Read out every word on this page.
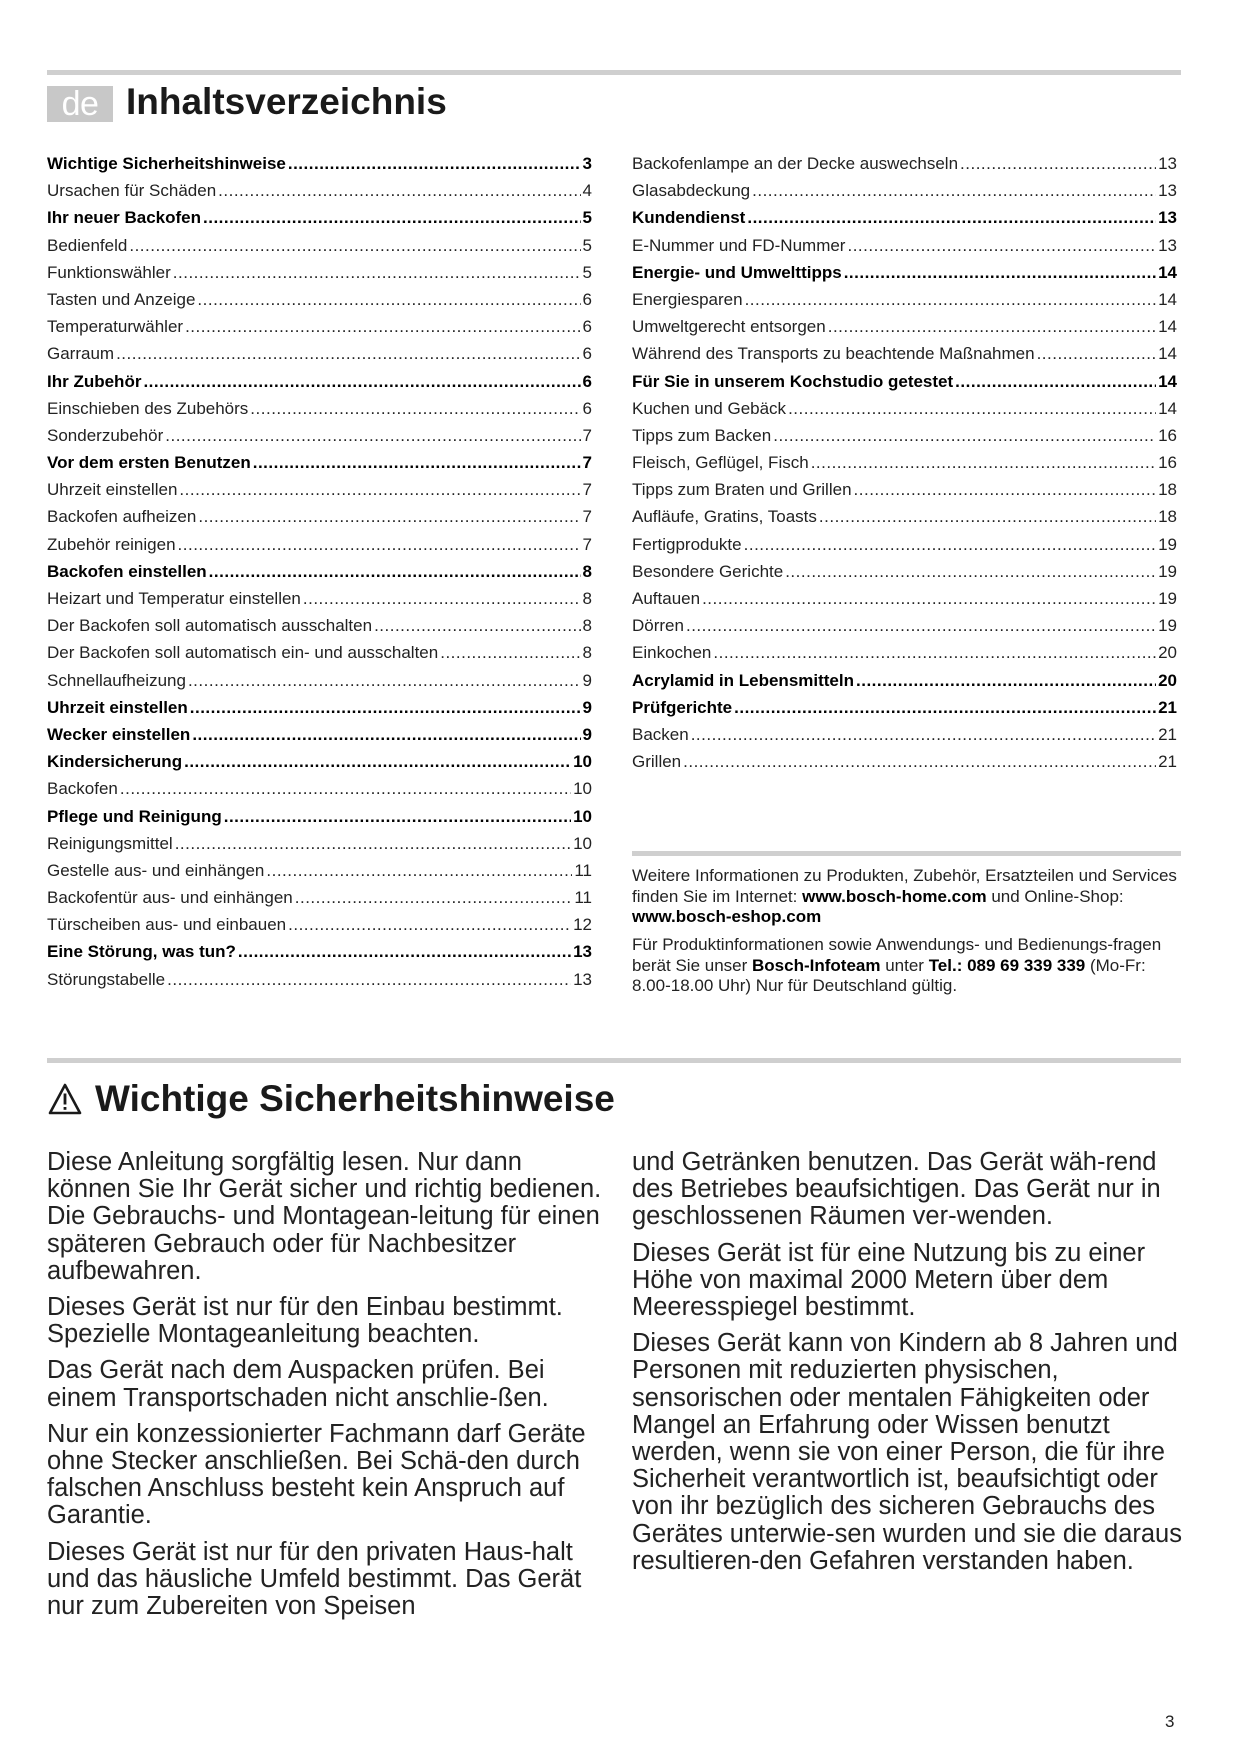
de Inhaltsverzeichnis
Wichtige Sicherheitshinweise .....	3
Ursachen für Schäden .....	4
Ihr neuer Backofen .....	5
Bedienfeld .....	5
Funktionswähler .....	5
Tasten und Anzeige .....	6
Temperaturwähler .....	6
Garraum .....	6
Ihr Zubehör .....	6
Einschieben des Zubehörs .....	6
Sonderzubehör .....	7
Vor dem ersten Benutzen .....	7
Uhrzeit einstellen .....	7
Backofen aufheizen .....	7
Zubehör reinigen .....	7
Backofen einstellen .....	8
Heizart und Temperatur einstellen .....	8
Der Backofen soll automatisch ausschalten .....	8
Der Backofen soll automatisch ein- und ausschalten .....	8
Schnellaufheizung .....	9
Uhrzeit einstellen .....	9
Wecker einstellen .....	9
Kindersicherung .....	10
Backofen .....	10
Pflege und Reinigung .....	10
Reinigungsmittel .....	10
Gestelle aus- und einhängen .....	11
Backofentür aus- und einhängen .....	11
Türscheiben aus- und einbauen .....	12
Eine Störung, was tun? .....	13
Störungstabelle .....	13
Backofenlampe an der Decke auswechseln .....	13
Glasabdeckung .....	13
Kundendienst .....	13
E-Nummer und FD-Nummer .....	13
Energie- und Umwelttipps .....	14
Energiesparen .....	14
Umweltgerecht entsorgen .....	14
Während des Transports zu beachtende Maßnahmen .....	14
Für Sie in unserem Kochstudio getestet .....	14
Kuchen und Gebäck .....	14
Tipps zum Backen .....	16
Fleisch, Geflügel, Fisch .....	16
Tipps zum Braten und Grillen .....	18
Aufläufe, Gratins, Toasts .....	18
Fertigprodukte .....	19
Besondere Gerichte .....	19
Auftauen .....	19
Dörren .....	19
Einkochen .....	20
Acrylamid in Lebensmitteln .....	20
Prüfgerichte .....	21
Backen .....	21
Grillen .....	21

Weitere Informationen zu Produkten, Zubehör, Ersatzteilen und Services finden Sie im Internet: www.bosch-home.com und Online-Shop: www.bosch-eshop.com

Für Produktinformationen sowie Anwendungs- und Bedienungs-fragen berät Sie unser Bosch-Infoteam unter Tel.: 089 69 339 339 (Mo-Fr: 8.00-18.00 Uhr) Nur für Deutschland gültig.

Wichtige Sicherheitshinweise

Diese Anleitung sorgfältig lesen. Nur dann können Sie Ihr Gerät sicher und richtig bedienen. Die Gebrauchs- und Montagean-leitung für einen späteren Gebrauch oder für Nachbesitzer aufbewahren.

Dieses Gerät ist nur für den Einbau bestimmt. Spezielle Montageanleitung beachten.

Das Gerät nach dem Auspacken prüfen. Bei einem Transportschaden nicht anschlie-ßen.

Nur ein konzessionierter Fachmann darf Geräte ohne Stecker anschließen. Bei Schä-den durch falschen Anschluss besteht kein Anspruch auf Garantie.

Dieses Gerät ist nur für den privaten Haus-halt und das häusliche Umfeld bestimmt. Das Gerät nur zum Zubereiten von Speisen

und Getränken benutzen. Das Gerät wäh-rend des Betriebes beaufsichtigen. Das Gerät nur in geschlossenen Räumen ver-wenden.

Dieses Gerät ist für eine Nutzung bis zu einer Höhe von maximal 2000 Metern über dem Meeresspiegel bestimmt.

Dieses Gerät kann von Kindern ab 8 Jahren und Personen mit reduzierten physischen, sensorischen oder mentalen Fähigkeiten oder Mangel an Erfahrung oder Wissen benutzt werden, wenn sie von einer Person, die für ihre Sicherheit verantwortlich ist, beaufsichtigt oder von ihr bezüglich des sicheren Gebrauchs des Gerätes unterwie-sen wurden und sie die daraus resultieren-den Gefahren verstanden haben.

3
